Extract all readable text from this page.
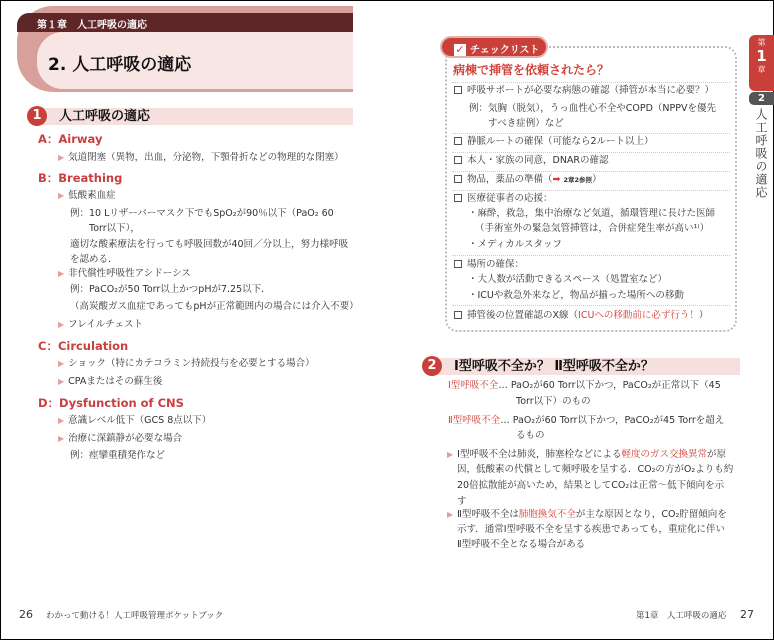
第１章　人工呼吸の適応
2. 人工呼吸の適応
1	人工呼吸の適応
A：Airway
▶ 気道閉塞（異物，出血，分泌物，下顎骨折などの物理的な閉塞）
B：Breathing
▶ 低酸素血症
例：10 Lリザーバーマスク下でもSpO₂が90％以下（PaO₂ 60
Torr以下），
適切な酸素療法を行っても呼吸回数が40回／分以上，努力様呼吸
を認める．
▶ 非代償性呼吸性アシドーシス
例：PaCO₂が50 Torr以上かつpHが7.25以下．
（高炭酸ガス血症であってもpHが正常範囲内の場合には介入不要）
▶ フレイルチェスト
C：Circulation
▶ ショック（特にカテコラミン持続投与を必要とする場合）
▶ CPAまたはその蘇生後
D：Dysfunction of CNS
▶ 意識レベル低下（GCS 8点以下）
▶ 治療に深鎮静が必要な場合
例：痙攣重積発作など
26 わかって動ける！人工呼吸管理ポケットブック
✓ チェックリスト
病棟で挿管を依頼されたら？
呼吸サポートが必要な病態の確認（挿管が本当に必要？）
例：気胸（脱気），うっ血性心不全やCOPD（NPPVを優先
すべき症例）など
静脈ルートの確保（可能なら2ルート以上）
本人・家族の同意，DNARの確認
物品，薬品の準備（➡ 2章2参照）
医療従事者の応援：
・麻酔，救急，集中治療など気道，循環管理に長けた医師
（手術室外の緊急気管挿管は，合併症発生率が高い¹⁾）
・メディカルスタッフ
場所の確保：
・大人数が活動できるスペース（処置室など）
・ICUや救急外来など，物品が揃った場所への移動
挿管後の位置確認のX線（ICUへの移動前に必ず行う！）
2	Ⅰ型呼吸不全か？ Ⅱ型呼吸不全か？
Ⅰ型呼吸不全… PaO₂が60 Torr以下かつ，PaCO₂が正常以下（45
Torr以下）のもの
Ⅱ型呼吸不全… PaO₂が60 Torr以下かつ，PaCO₂が45 Torrを超え
るもの
▶ Ⅰ型呼吸不全は肺炎，肺塞栓などによる軽度のガス交換異常が原
因，低酸素の代償として頻呼吸を呈する．CO₂の方がO₂よりも約
20倍拡散能が高いため，結果としてCO₂は正常〜低下傾向を示
す
▶ Ⅱ型呼吸不全は肺胞換気不全が主な原因となり，CO₂貯留傾向を
示す．通常Ⅰ型呼吸不全を呈する疾患であっても，重症化に伴い
Ⅱ型呼吸不全となる場合がある
第
1
章
2
人工呼吸の適応
第1章　人工呼吸の適応 27
